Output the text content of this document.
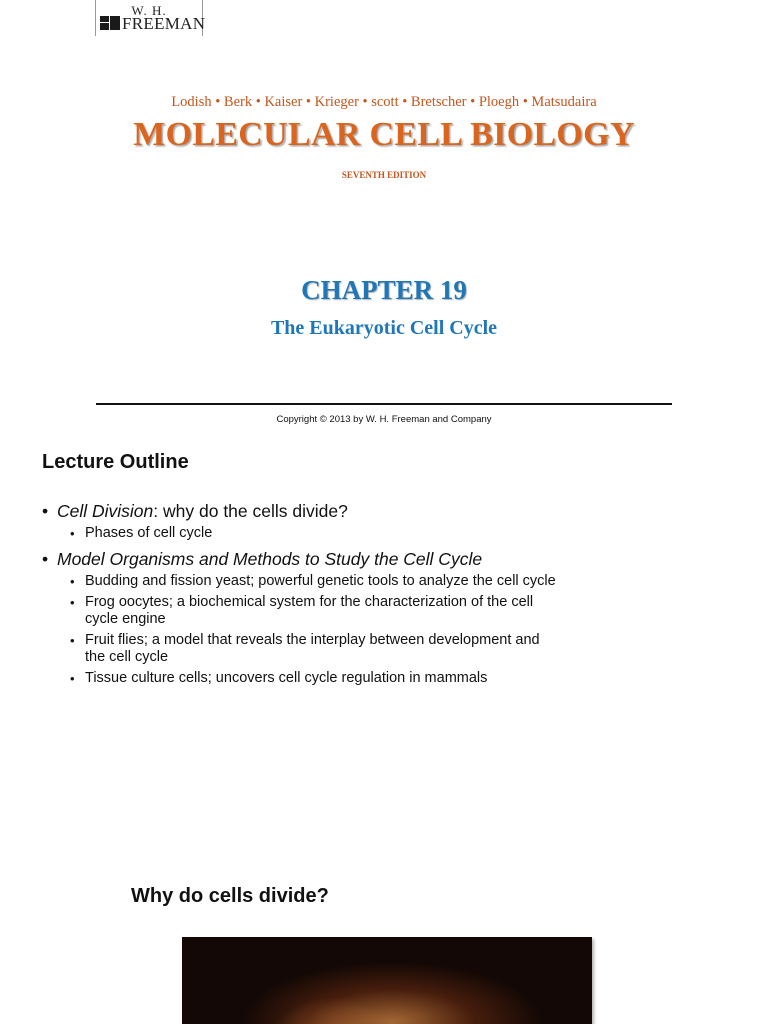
W. H.
FREEMAN
Lodish • Berk • Kaiser • Krieger • scott • Bretscher • Ploegh • Matsudaira
MOLECULAR CELL BIOLOGY
SEVENTH EDITION
CHAPTER 19
The Eukaryotic Cell Cycle
Copyright © 2013 by W. H. Freeman and Company
Lecture Outline
• Cell Division: why do the cells divide?
• Phases of cell cycle
• Model Organisms and Methods to Study the Cell Cycle
• Budding and fission yeast; powerful genetic tools to analyze the cell cycle
• Frog oocytes; a biochemical system for the characterization of the cell cycle engine
• Fruit flies; a model that reveals the interplay between development and the cell cycle
• Tissue culture cells; uncovers cell cycle regulation in mammals
Why do cells divide?
